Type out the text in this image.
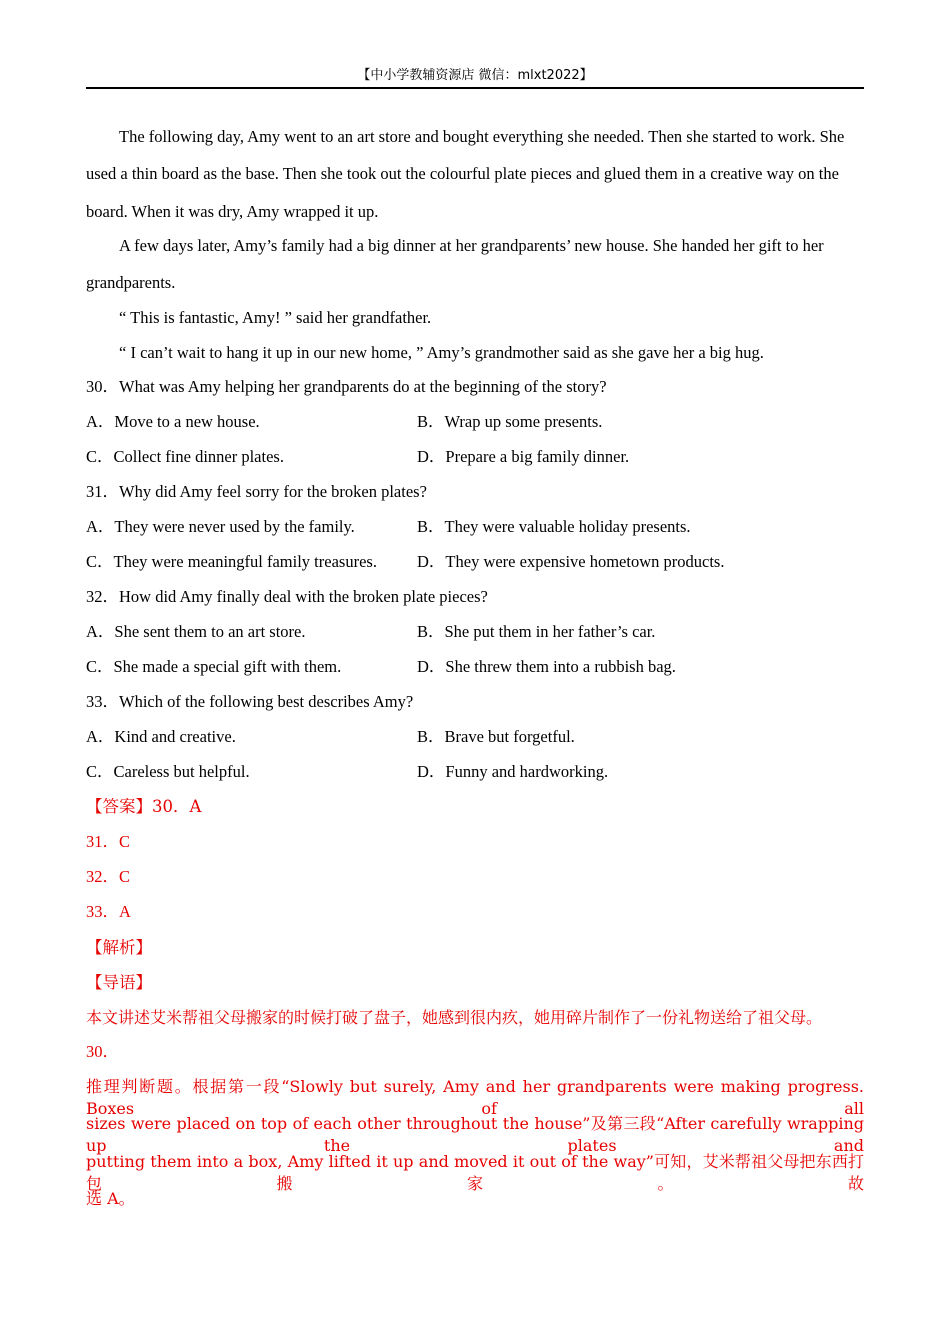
【中小学教辅资源店 微信：mlxt2022】
The following day, Amy went to an art store and bought everything she needed. Then she started to work. She
used a thin board as the base. Then she took out the colourful plate pieces and glued them in a creative way on the
board. When it was dry, Amy wrapped it up.
A few days later, Amy’s family had a big dinner at her grandparents’ new house. She handed her gift to her
grandparents.
“ This is fantastic, Amy! ” said her grandfather.
“ I can’t wait to hang it up in our new home, ” Amy’s grandmother said as she gave her a big hug.
30．What was Amy helping her grandparents do at the beginning of the story?
A．Move to a new house.	B．Wrap up some presents.
C．Collect fine dinner plates.	D．Prepare a big family dinner.
31．Why did Amy feel sorry for the broken plates?
A．They were never used by the family.	B．They were valuable holiday presents.
C．They were meaningful family treasures.	D．They were expensive hometown products.
32．How did Amy finally deal with the broken plate pieces?
A．She sent them to an art store.	B．She put them in her father’s car.
C．She made a special gift with them.	D．She threw them into a rubbish bag.
33．Which of the following best describes Amy?
A．Kind and creative.	B．Brave but forgetful.
C．Careless but helpful.	D．Funny and hardworking.
【答案】30．A
31．C
32．C
33．A
【解析】
【导语】
本文讲述艾米帮祖父母搬家的时候打破了盘子，她感到很内疚，她用碎片制作了一份礼物送给了祖父母。
30．
推理判断题。根据第一段“Slowly but surely, Amy and her grandparents were making progress. Boxes of all
sizes were placed on top of each other throughout the house”及第三段“After carefully wrapping up the plates and
putting them into a box, Amy lifted it up and moved it out of the way”可知，艾米帮祖父母把东西打包搬家。故
选 A。
